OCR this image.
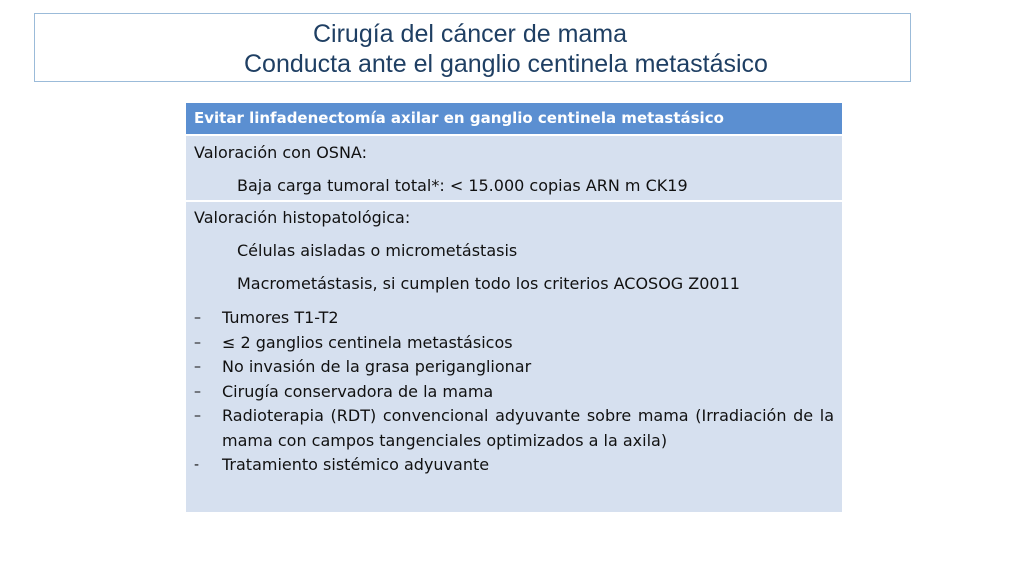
Cirugía del cáncer de mama
Conducta ante el ganglio centinela metastásico
Evitar linfadenectomía axilar en ganglio centinela metastásico
Valoración con OSNA:
Baja carga tumoral total*: < 15.000 copias ARN m CK19
Valoración histopatológica:
Células aisladas o micrometástasis
Macrometástasis, si cumplen todo los criterios ACOSOG Z0011
– Tumores T1-T2
– ≤ 2 ganglios centinela metastásicos
– No invasión de la grasa periganglionar
– Cirugía conservadora de la mama
– Radioterapia (RDT) convencional adyuvante sobre mama (Irradiación de la mama con campos tangenciales optimizados a la axila)
- Tratamiento sistémico adyuvante
